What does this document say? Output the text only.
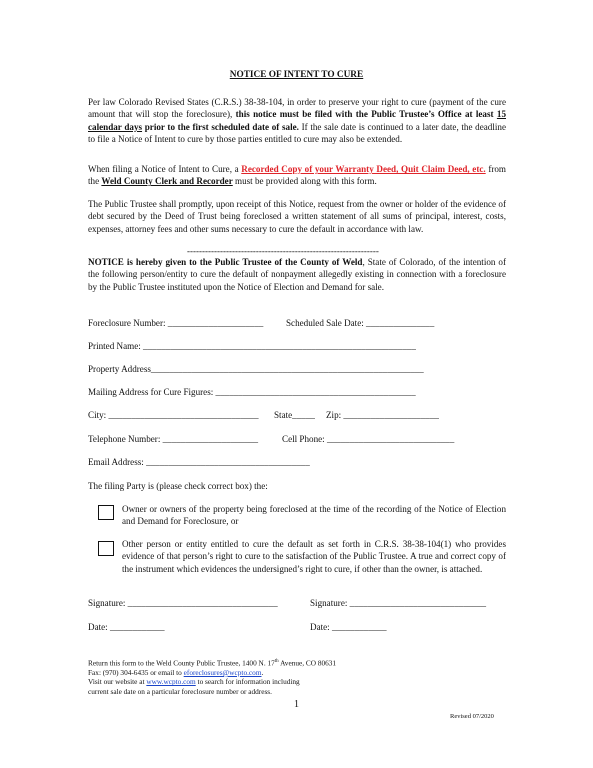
NOTICE OF INTENT TO CURE
Per law Colorado Revised States (C.R.S.) 38-38-104, in order to preserve your right to cure (payment of the cure amount that will stop the foreclosure), this notice must be filed with the Public Trustee’s Office at least 15 calendar days prior to the first scheduled date of sale. If the sale date is continued to a later date, the deadline to file a Notice of Intent to cure by those parties entitled to cure may also be extended.
When filing a Notice of Intent to Cure, a Recorded Copy of your Warranty Deed, Quit Claim Deed, etc. from the Weld County Clerk and Recorder must be provided along with this form.
The Public Trustee shall promptly, upon receipt of this Notice, request from the owner or holder of the evidence of debt secured by the Deed of Trust being foreclosed a written statement of all sums of principal, interest, costs, expenses, attorney fees and other sums necessary to cure the default in accordance with law.
----------------------------------------------------------------
NOTICE is hereby given to the Public Trustee of the County of Weld, State of Colorado, of the intention of the following person/entity to cure the default of nonpayment allegedly existing in connection with a foreclosure by the Public Trustee instituted upon the Notice of Election and Demand for sale.
Foreclosure Number: _____________________ Scheduled Sale Date: _______________
Printed Name: ____________________________________________________________
Property Address____________________________________________________________
Mailing Address for Cure Figures: ____________________________________________
City: _________________________________ State_____ Zip: _____________________
Telephone Number: _____________________	Cell Phone: ____________________________
Email Address: ____________________________________
The filing Party is (please check correct box) the:
Owner or owners of the property being foreclosed at the time of the recording of the Notice of Election and Demand for Foreclosure, or
Other person or entity entitled to cure the default as set forth in C.R.S. 38-38-104(1) who provides evidence of that person’s right to cure to the satisfaction of the Public Trustee. A true and correct copy of the instrument which evidences the undersigned’s right to cure, if other than the owner, is attached.
Signature: _________________________________	Signature: ______________________________
Date: ____________	Date: ____________
Return this form to the Weld County Public Trustee, 1400 N. 17th Avenue, CO 80631
Fax: (970) 304-6435 or email to eforeclosures@wcpto.com.
Visit our website at www.wcpto.com to search for information including
current sale date on a particular foreclosure number or address.
1
Revised 07/2020
